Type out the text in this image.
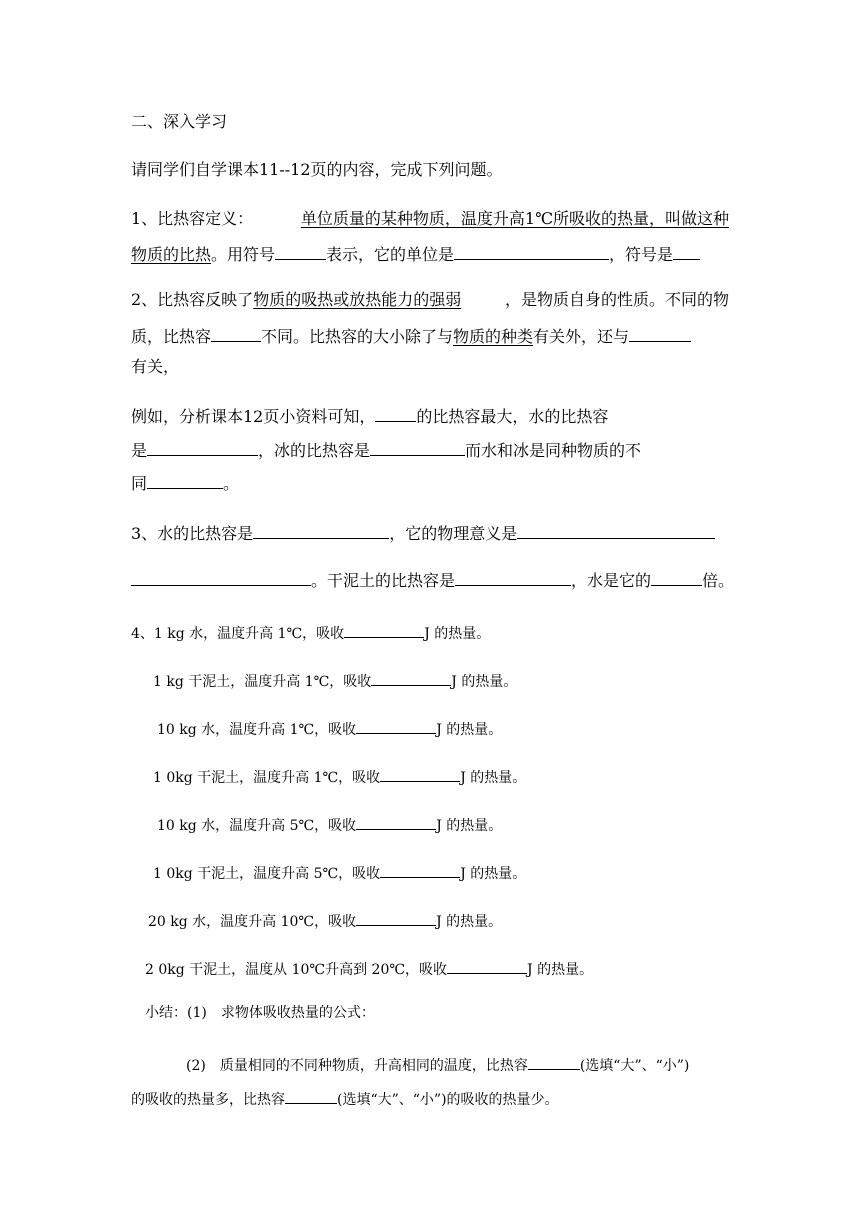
二、深入学习
请同学们自学课本11--12页的内容，完成下列问题。
1、比热容定义：	单位质量的某种物质，温度升高1℃所吸收的热量，叫做这种
物质的比热。用符号	表示，它的单位是	，符号是
2、比热容反映了物质的吸热或放热能力的强弱	，是物质自身的性质。不同的物
质，比热容	不同。比热容的大小除了与物质的种类有关外，还与
有关，
例如，分析课本12页小资料可知，	的比热容最大，水的比热容
是	，冰的比热容是	而水和冰是同种物质的不
同	。
3、水的比热容是	，它的物理意义是
。干泥土的比热容是	，水是它的	倍。
4、1 kg 水，温度升高 1℃，吸收	J 的热量。
1 kg 干泥土，温度升高 1℃，吸收	J 的热量。
10 kg 水，温度升高 1℃，吸收	J 的热量。
1 0kg 干泥土，温度升高 1℃，吸收	J 的热量。
10 kg 水，温度升高 5℃，吸收	J 的热量。
1 0kg 干泥土，温度升高 5℃，吸收	J 的热量。
20 kg 水，温度升高 10℃，吸收	J 的热量。
2 0kg 干泥土，温度从 10℃升高到 20℃，吸收	J 的热量。
小结：(1)　求物体吸收热量的公式：
(2)　质量相同的不同种物质，升高相同的温度，比热容	(选填“大”、“小”)
的吸收的热量多，比热容	(选填“大”、“小”)的吸收的热量少。
